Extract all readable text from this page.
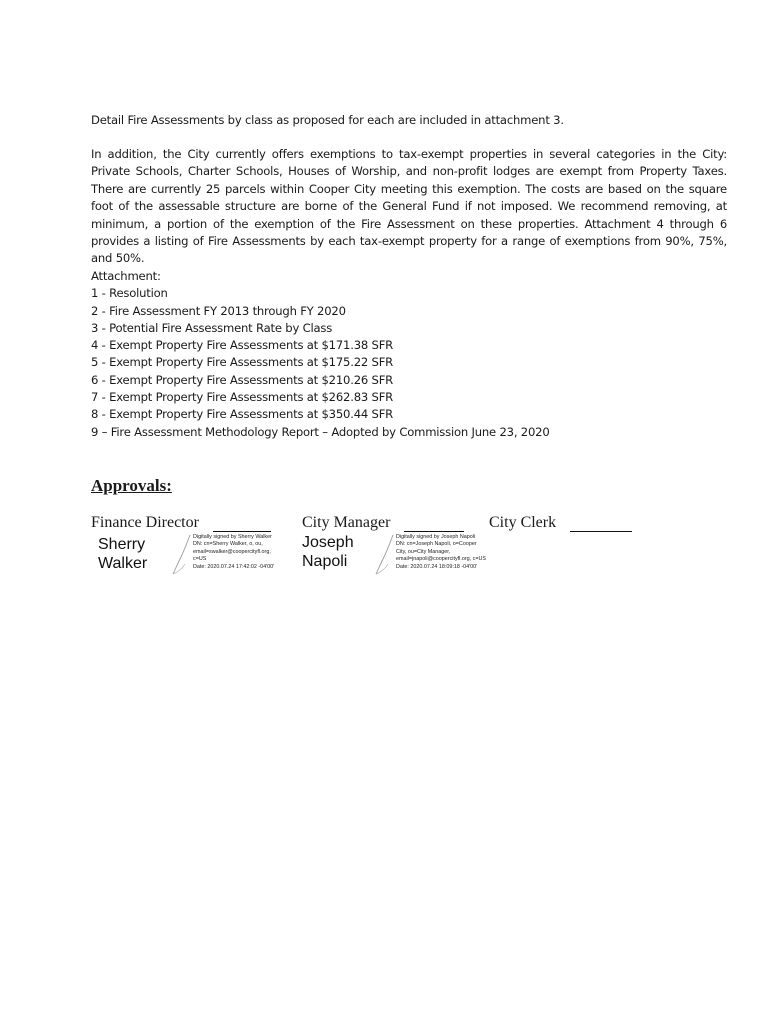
Detail Fire Assessments by class as proposed for each are included in attachment 3.

In addition, the City currently offers exemptions to tax-exempt properties in several categories in the City: Private Schools, Charter Schools, Houses of Worship, and non-profit lodges are exempt from Property Taxes. There are currently 25 parcels within Cooper City meeting this exemption. The costs are based on the square foot of the assessable structure are borne of the General Fund if not imposed. We recommend removing, at minimum, a portion of the exemption of the Fire Assessment on these properties. Attachment 4 through 6 provides a listing of Fire Assessments by each tax-exempt property for a range of exemptions from 90%, 75%, and 50%.

Attachment:
1 - Resolution
2 - Fire Assessment FY 2013 through FY 2020
3 - Potential Fire Assessment Rate by Class
4 - Exempt Property Fire Assessments at $171.38 SFR
5 - Exempt Property Fire Assessments at $175.22 SFR
6 - Exempt Property Fire Assessments at $210.26 SFR
7 - Exempt Property Fire Assessments at $262.83 SFR
8 - Exempt Property Fire Assessments at $350.44 SFR
9 – Fire Assessment Methodology Report – Adopted by Commission June 23, 2020
Approvals:
Finance Director	City Manager	City Clerk
Sherry
Walker
Digitally signed by Sherry Walker
DN: cn=Sherry Walker, o, ou,
email=swalker@coopercityfl.org,
c=US
Date: 2020.07.24 17:42:02 -04'00'
Joseph
Napoli
Digitally signed by Joseph Napoli
DN: cn=Joseph Napoli, o=Cooper
City, ou=City Manager,
email=jnapoli@coopercityfl.org, c=US
Date: 2020.07.24 18:09:18 -04'00'
